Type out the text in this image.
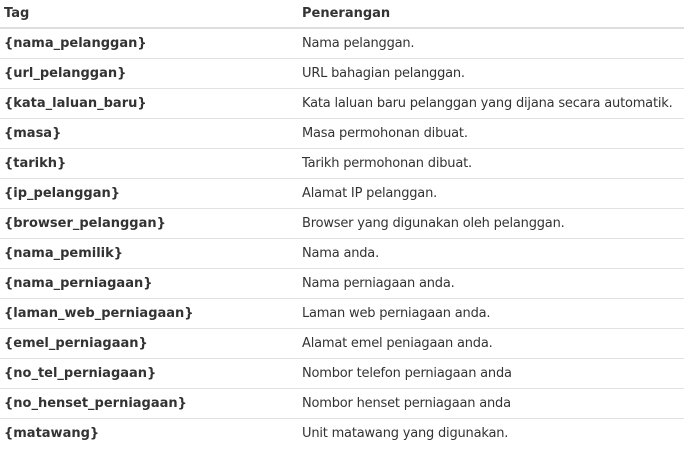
Tag	Penerangan
{nama_pelanggan}	Nama pelanggan.
{url_pelanggan}	URL bahagian pelanggan.
{kata_laluan_baru}	Kata laluan baru pelanggan yang dijana secara automatik.
{masa}	Masa permohonan dibuat.
{tarikh}	Tarikh permohonan dibuat.
{ip_pelanggan}	Alamat IP pelanggan.
{browser_pelanggan}	Browser yang digunakan oleh pelanggan.
{nama_pemilik}	Nama anda.
{nama_perniagaan}	Nama perniagaan anda.
{laman_web_perniagaan}	Laman web perniagaan anda.
{emel_perniagaan}	Alamat emel peniagaan anda.
{no_tel_perniagaan}	Nombor telefon perniagaan anda
{no_henset_perniagaan}	Nombor henset perniagaan anda
{matawang}	Unit matawang yang digunakan.
